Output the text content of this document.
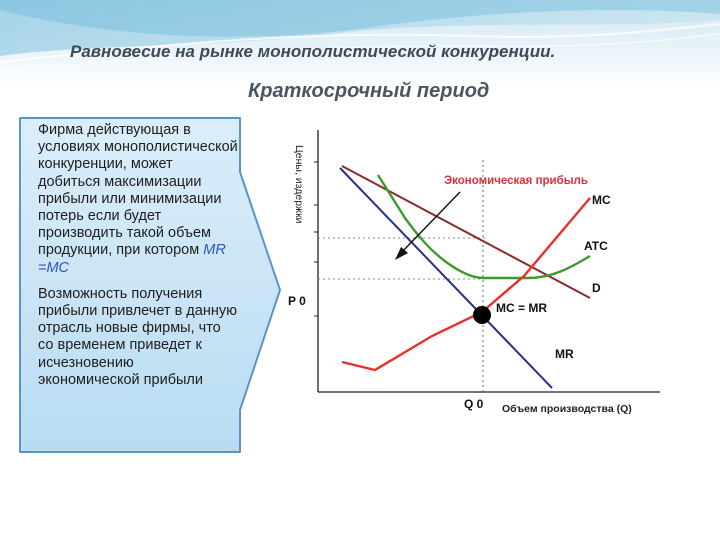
Равновесие на рынке монополистической конкуренции.
Краткосрочный период

Фирма действующая в условиях монополистической конкуренции, может добиться максимизации прибыли или минимизации потерь если будет производить такой объем продукции, при котором MR =MC

Возможность получения прибыли привлечет в данную отрасль новые фирмы, что со временем приведет к исчезновению экономической прибыли

Цены, издержки
P 0
Q 0 Объем производства (Q)
Экономическая прибыль
MC
ATC
D
MR
MC = MR
